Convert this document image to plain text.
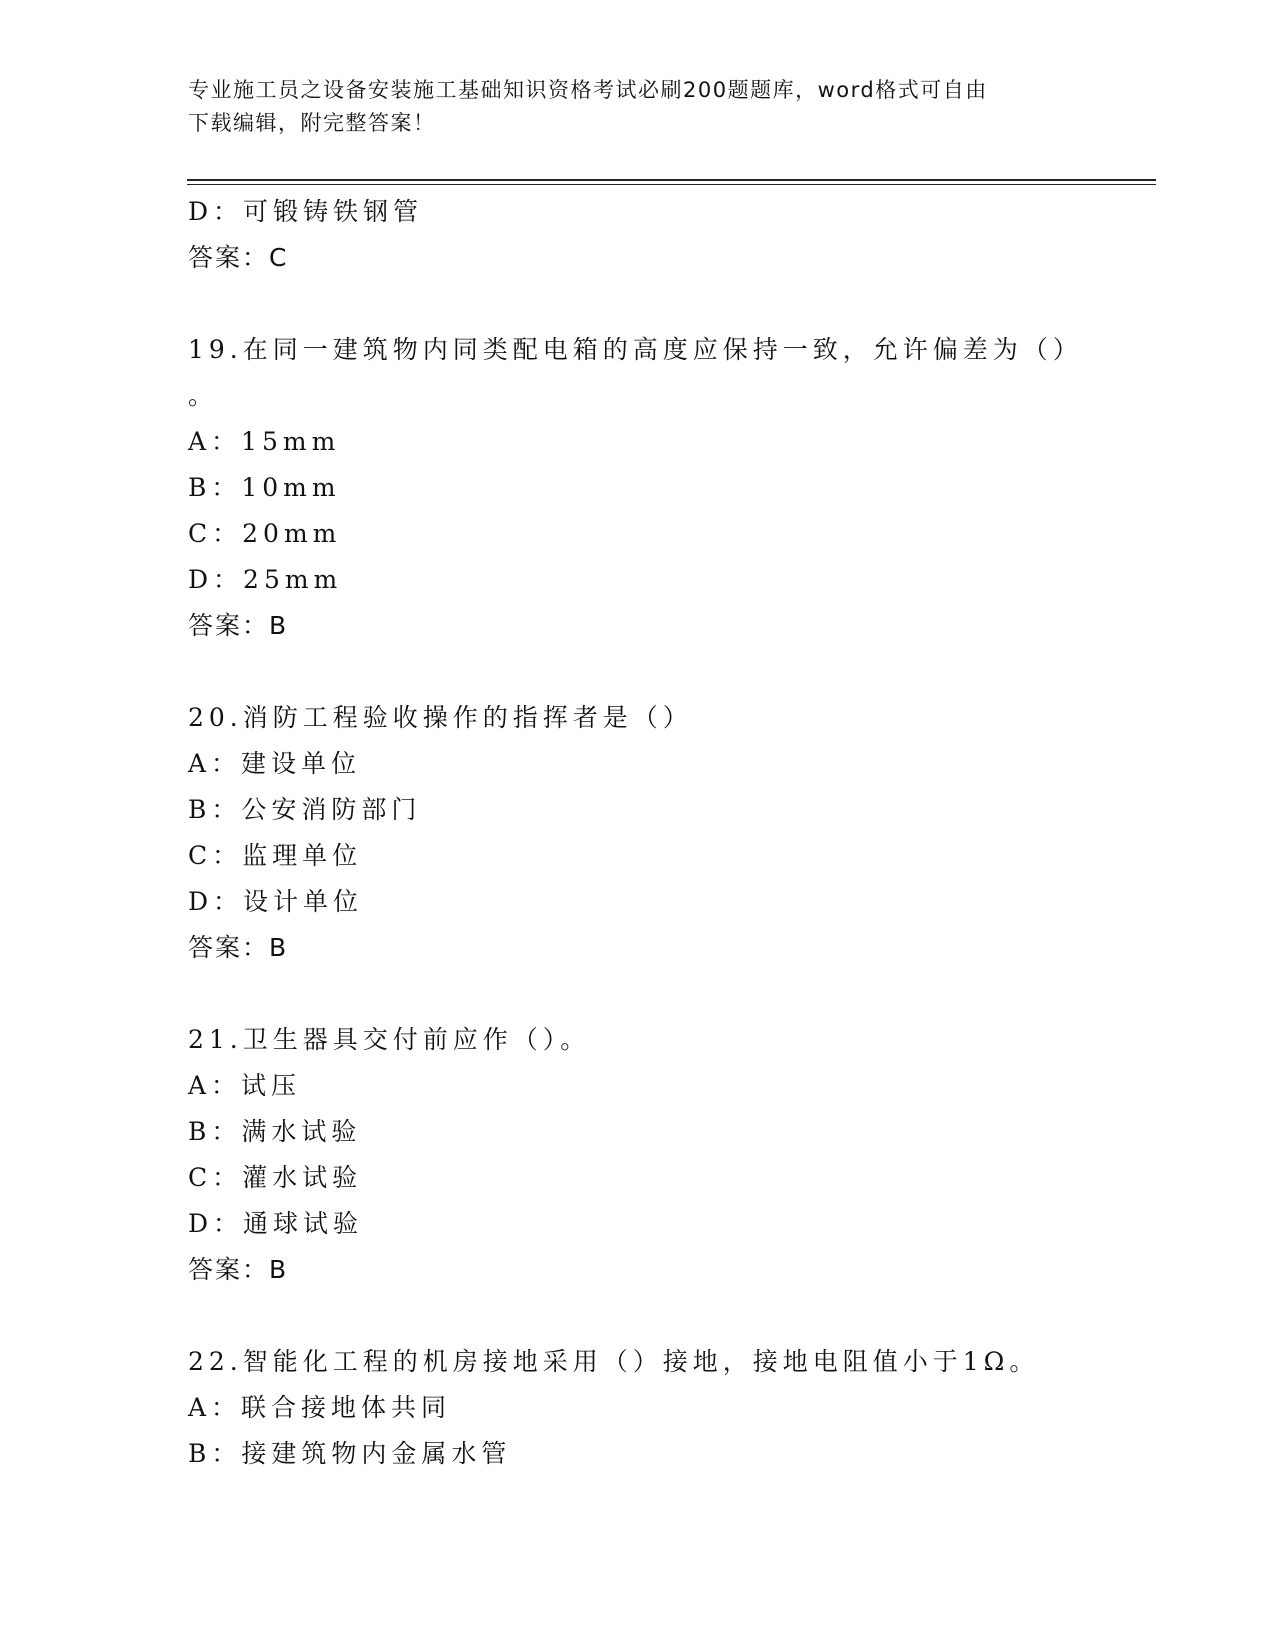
专业施工员之设备安装施工基础知识资格考试必刷200题题库，word格式可自由
下载编辑，附完整答案！
D：可锻铸铁钢管
答案：C
19.在同一建筑物内同类配电箱的高度应保持一致，允许偏差为（）
。
A：15mm
B：10mm
C：20mm
D：25mm
答案：B
20.消防工程验收操作的指挥者是（）
A：建设单位
B：公安消防部门
C：监理单位
D：设计单位
答案：B
21.卫生器具交付前应作（）。
A：试压
B：满水试验
C：灌水试验
D：通球试验
答案：B
22.智能化工程的机房接地采用（）接地，接地电阻值小于1Ω。
A：联合接地体共同
B：接建筑物内金属水管
